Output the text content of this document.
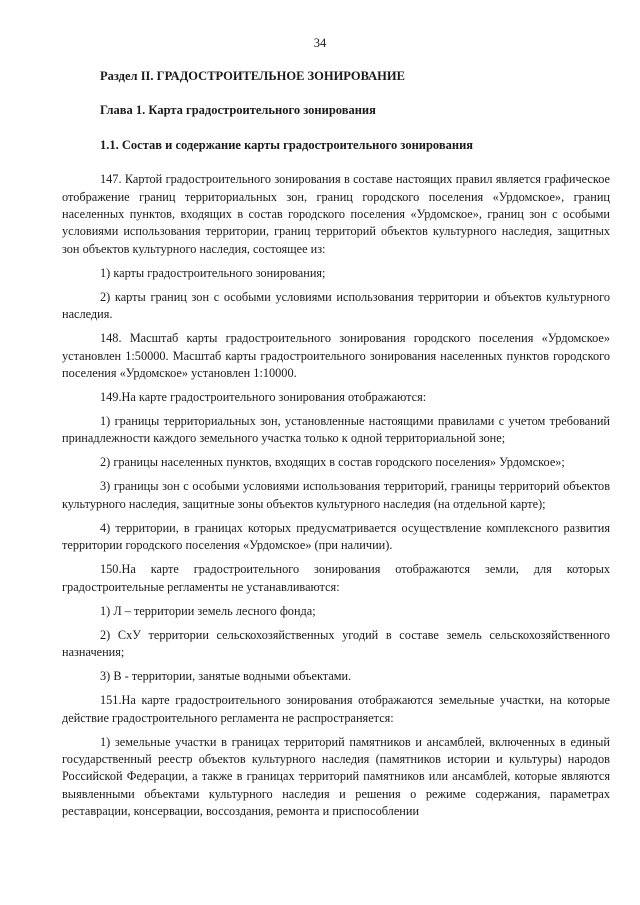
34
Раздел II. ГРАДОСТРОИТЕЛЬНОЕ ЗОНИРОВАНИЕ
Глава 1. Карта градостроительного зонирования
1.1. Состав и содержание карты градостроительного зонирования

147. Картой градостроительного зонирования в составе настоящих правил является графическое отображение границ территориальных зон, границ городского поселения «Урдомское», границ населенных пунктов, входящих в состав городского поселения «Урдомское», границ зон с особыми условиями использования территории, границ территорий объектов культурного наследия, защитных зон объектов культурного наследия, состоящее из:

1) карты градостроительного зонирования;

2) карты границ зон с особыми условиями использования территории и объектов культурного наследия.

148. Масштаб карты градостроительного зонирования городского поселения «Урдомское» установлен 1:50000. Масштаб карты градостроительного зонирования населенных пунктов городского поселения «Урдомское» установлен 1:10000.

149.На карте градостроительного зонирования отображаются:

1) границы территориальных зон, установленные настоящими правилами с учетом требований принадлежности каждого земельного участка только к одной территориальной зоне;

2) границы населенных пунктов, входящих в состав городского поселения» Урдомское»;

3) границы зон с особыми условиями использования территорий, границы территорий объектов культурного наследия, защитные зоны объектов культурного наследия (на отдельной карте);

4) территории, в границах которых предусматривается осуществление комплексного развития территории городского поселения «Урдомское» (при наличии).

150.На карте градостроительного зонирования отображаются земли, для которых градостроительные регламенты не устанавливаются:

1) Л – территории земель лесного фонда;

2) СхУ территории сельскохозяйственных угодий в составе земель сельскохозяйственного назначения;

3) В - территории, занятые водными объектами.

151.На карте градостроительного зонирования отображаются земельные участки, на которые действие градостроительного регламента не распространяется:

1) земельные участки в границах территорий памятников и ансамблей, включенных в единый государственный реестр объектов культурного наследия (памятников истории и культуры) народов Российской Федерации, а также в границах территорий памятников или ансамблей, которые являются выявленными объектами культурного наследия и решения о режиме содержания, параметрах реставрации, консервации, воссоздания, ремонта и приспособлении
